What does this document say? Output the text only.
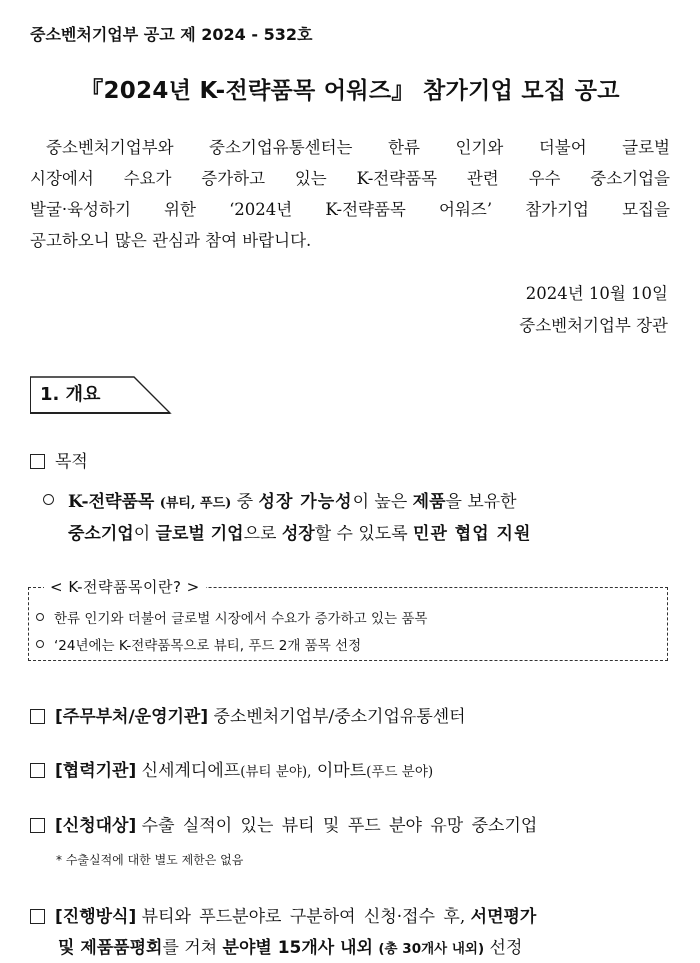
중소벤처기업부 공고 제 2024 - 532호
『2024년 K-전략품목 어워즈』 참가기업 모집 공고
중소벤처기업부와 중소기업유통센터는 한류 인기와 더불어 글로벌
시장에서 수요가 증가하고 있는 K-전략품목 관련 우수 중소기업을
발굴·육성하기 위한 ‘2024년 K-전략품목 어워즈’ 참가기업 모집을
공고하오니 많은 관심과 참여 바랍니다.
2024년 10월 10일
중소벤처기업부 장관
1. 개요
목적
K-전략품목 (뷰티, 푸드) 중 성장 가능성이 높은 제품을 보유한
중소기업이 글로벌 기업으로 성장할 수 있도록 민관 협업 지원
< K-전략품목이란? >
한류 인기와 더불어 글로벌 시장에서 수요가 증가하고 있는 품목
‘24년에는 K-전략품목으로 뷰티, 푸드 2개 품목 선정
[주무부처/운영기관] 중소벤처기업부/중소기업유통센터
[협력기관] 신세계디에프(뷰티 분야), 이마트(푸드 분야)
[신청대상] 수출 실적이 있는 뷰티 및 푸드 분야 유망 중소기업
* 수출실적에 대한 별도 제한은 없음
[진행방식] 뷰티와 푸드분야로 구분하여 신청·접수 후, 서면평가
및 제품품평회를 거쳐 분야별 15개사 내외 (총 30개사 내외) 선정
